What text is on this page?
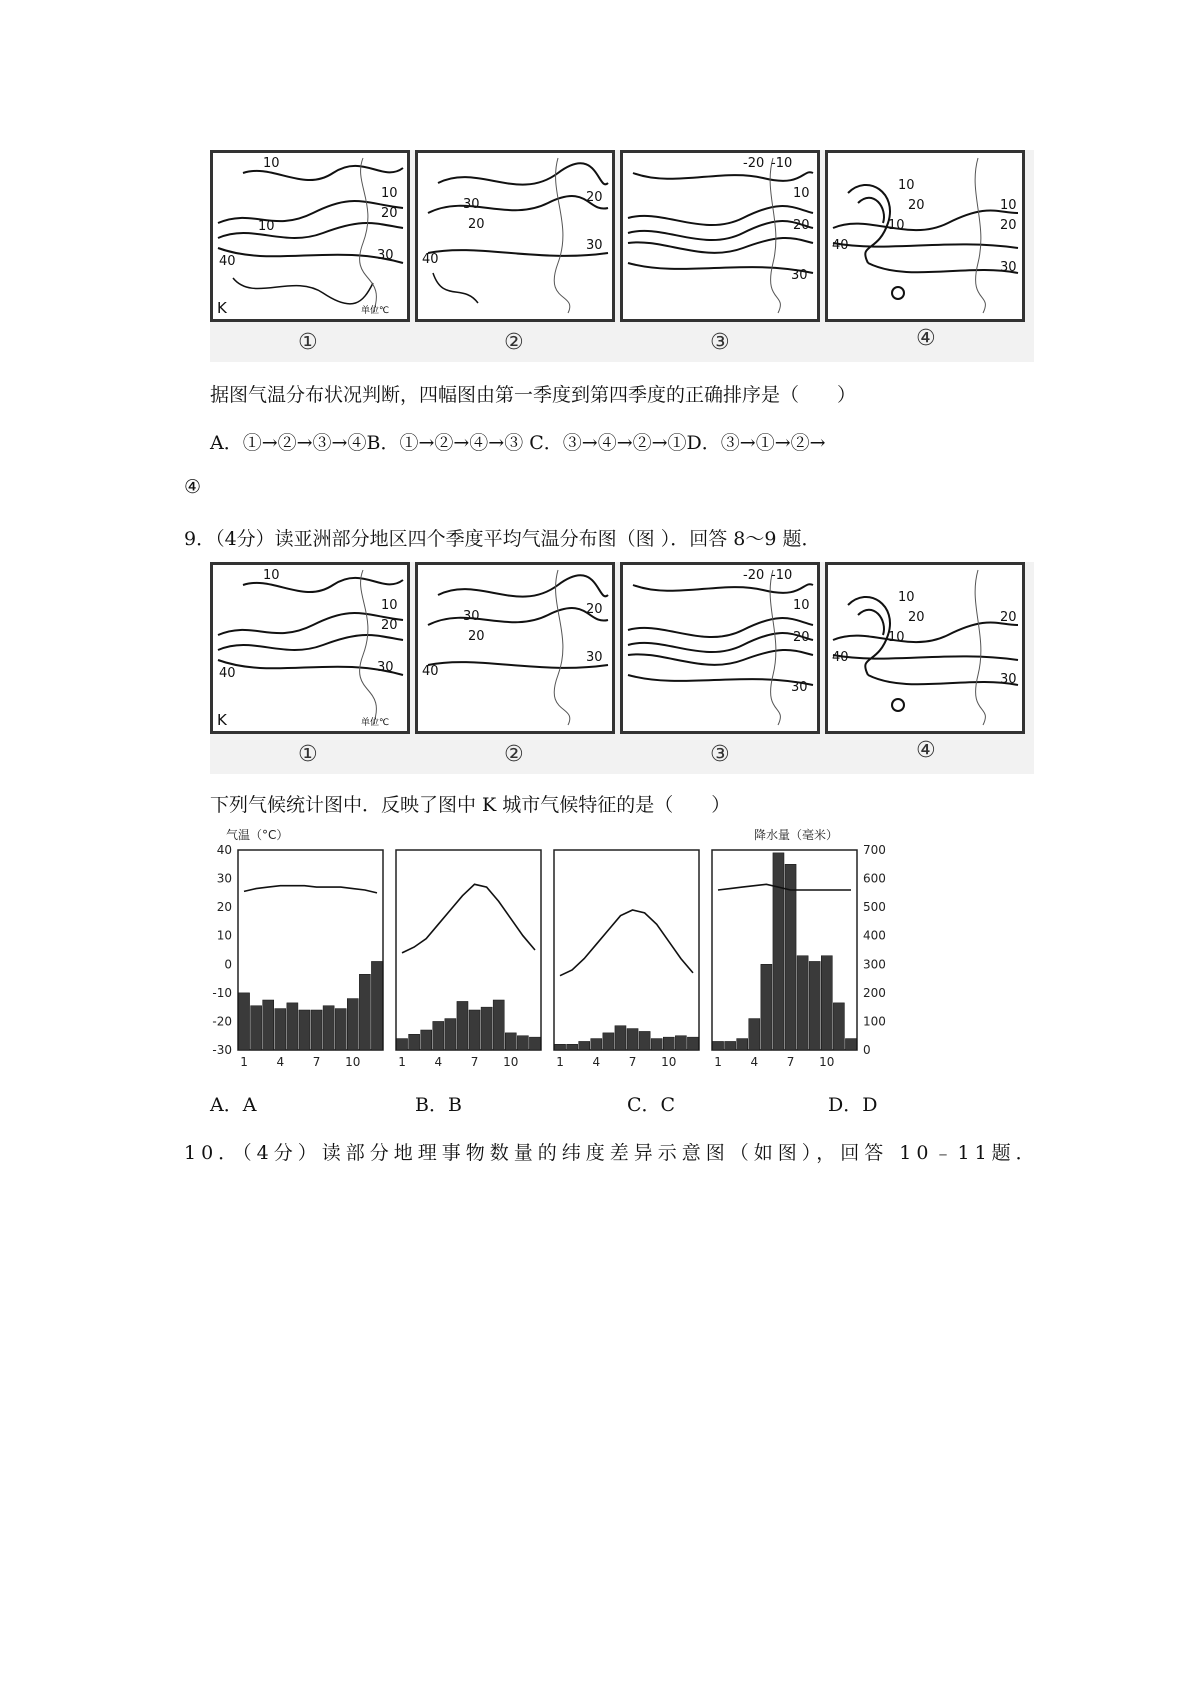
10
10
20
10
30
40
K	单位℃
30
20
20
30
40
-20 -10
10
20
30
10
20
10
10
20
40
30
①	②	③	④
据图气温分布状况判断，四幅图由第一季度到第四季度的正确排序是（　　）
A．①→②→③→④B．①→②→④→③ C．③→④→②→①D．③→①→②→
④
9．（4分）读亚洲部分地区四个季度平均气温分布图（图 ）．回答 8～9 题．
10
10
20
30
40
K	单位℃
30
20
20
30
40
-20 -10
10
20
30
10
20
10
20
40
30
①	②	③	④
下列气候统计图中．反映了图中 K 城市气候特征的是（　　）
气温（°C）	降水量（毫米）
40
30
20
10
0
-10
-20
-30
700
600
500
400
300
200
100
0
1 4 7 10	1 4 7 10	1 4 7 10	1 4 7 10
A．A	B．B	C．C	D．D
10．（4分）读部分地理事物数量的纬度差异示意图（如图），回答 10﹣11题．
